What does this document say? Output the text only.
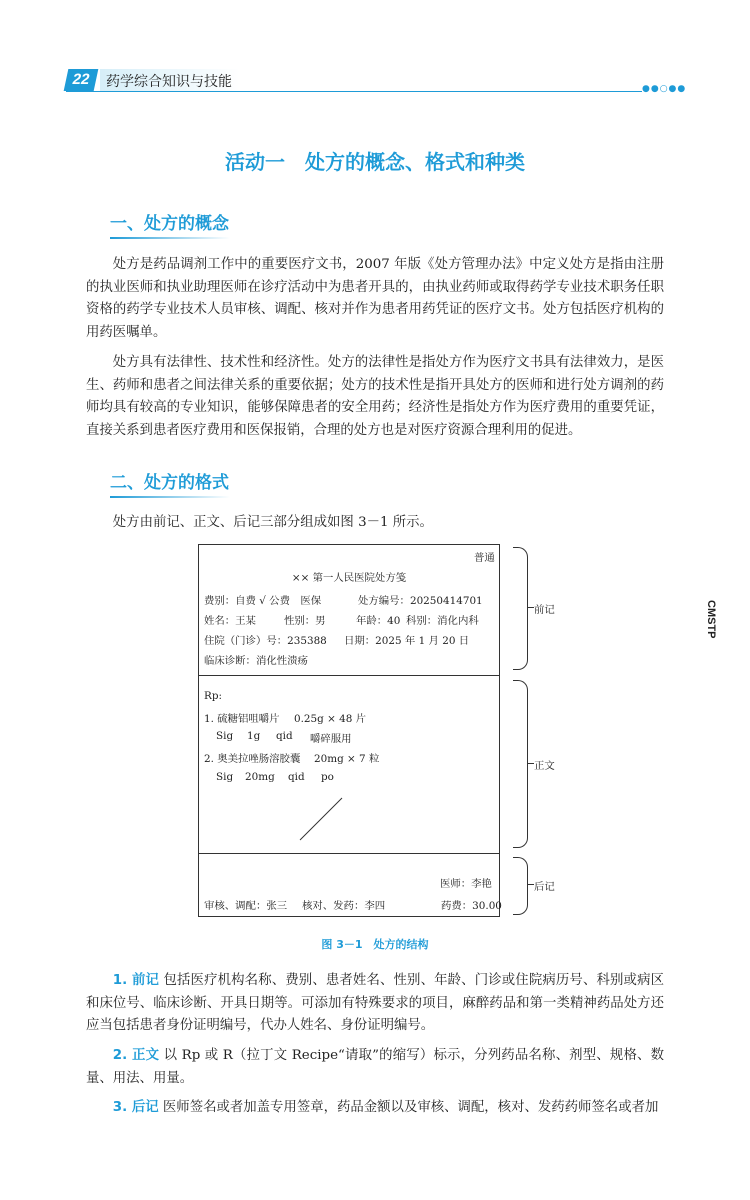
22	药学综合知识与技能	●●○●●
CMSTP
活动一　处方的概念、格式和种类
一、处方的概念
处方是药品调剂工作中的重要医疗文书，2007 年版《处方管理办法》中定义处方是指由注册的执业医师和执业助理医师在诊疗活动中为患者开具的，由执业药师或取得药学专业技术职务任职资格的药学专业技术人员审核、调配、核对并作为患者用药凭证的医疗文书。处方包括医疗机构的用药医嘱单。
处方具有法律性、技术性和经济性。处方的法律性是指处方作为医疗文书具有法律效力，是医生、药师和患者之间法律关系的重要依据；处方的技术性是指开具处方的医师和进行处方调剂的药师均具有较高的专业知识，能够保障患者的安全用药；经济性是指处方作为医疗费用的重要凭证，直接关系到患者医疗费用和医保报销，合理的处方也是对医疗资源合理利用的促进。
二、处方的格式
处方由前记、正文、后记三部分组成如图 3－1 所示。
普通
×× 第一人民医院处方笺
费别：自费 √ 公费　医保	处方编号：20250414701
姓名：王某	性别：男	年龄：40 科别：消化内科
住院（门诊）号：235388 日期：2025 年 1 月 20 日
临床诊断：消化性溃疡
Rp:
1. 硫糖铝咀嚼片 0.25g × 48 片
Sig 1g qid 嚼碎服用
2. 奥美拉唑肠溶胶囊 20mg × 7 粒
Sig 20mg qid po
医师：李艳
审核、调配：张三 核对、发药：李四	药费：30.00
前记
正文
后记
图 3－1　处方的结构
1. 前记 包括医疗机构名称、费别、患者姓名、性别、年龄、门诊或住院病历号、科别或病区和床位号、临床诊断、开具日期等。可添加有特殊要求的项目，麻醉药品和第一类精神药品处方还应当包括患者身份证明编号，代办人姓名、身份证明编号。
2. 正文 以 Rp 或 R（拉丁文 Recipe“请取”的缩写）标示，分列药品名称、剂型、规格、数量、用法、用量。
3. 后记 医师签名或者加盖专用签章，药品金额以及审核、调配，核对、发药药师签名或者加
